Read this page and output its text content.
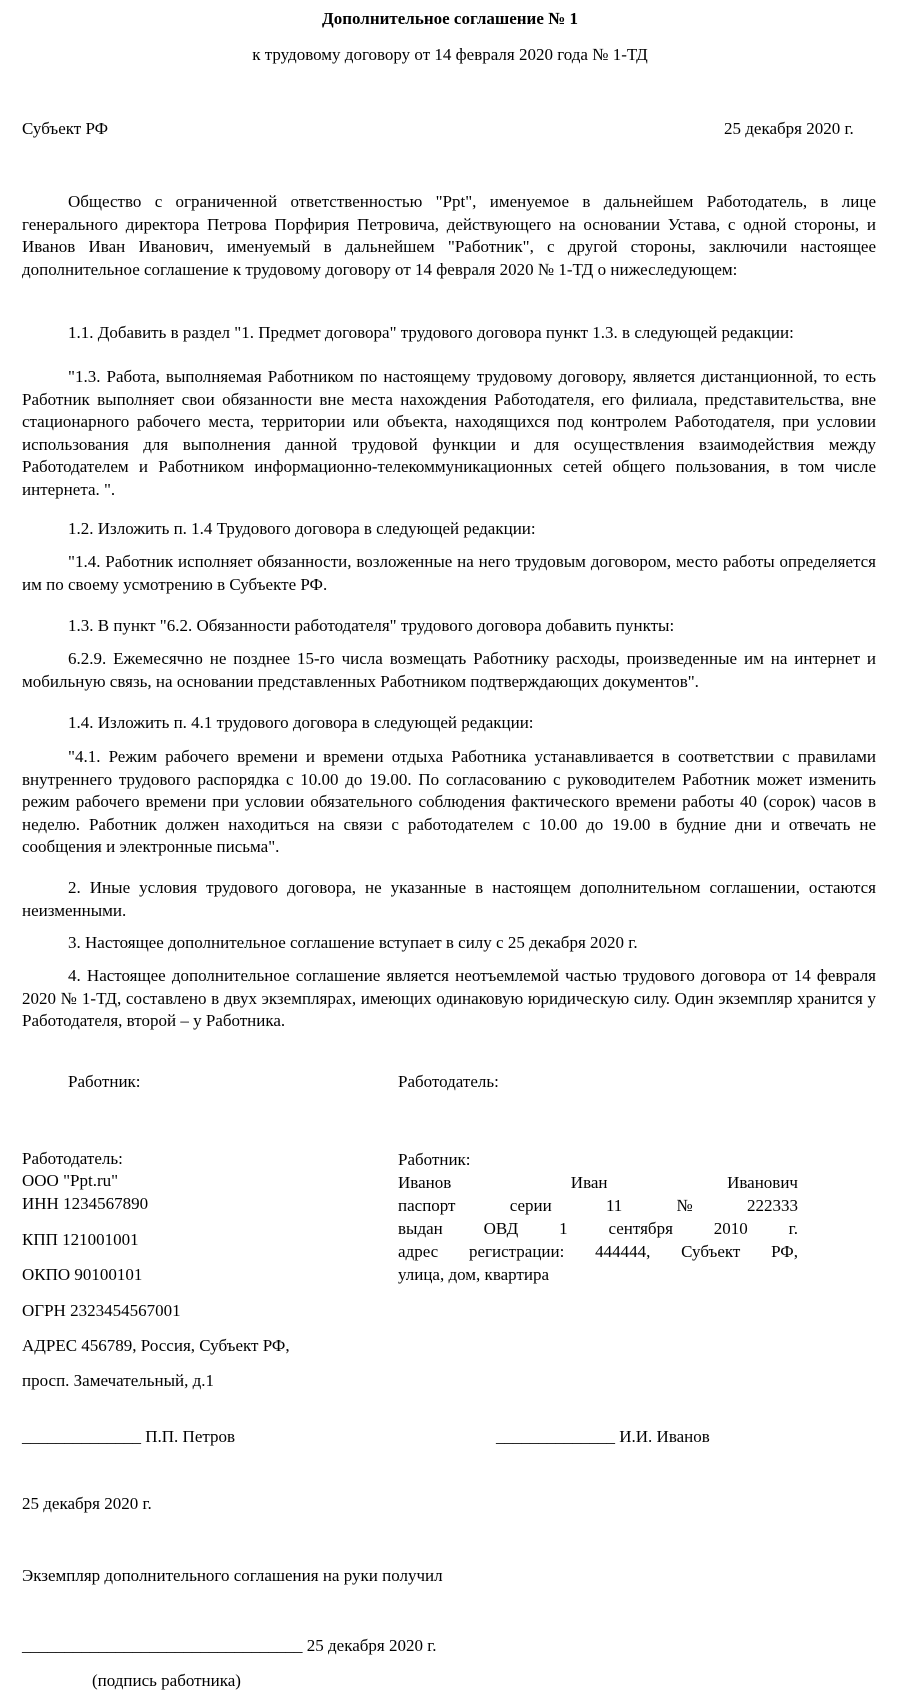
Дополнительное соглашение № 1
к трудовому договору от 14 февраля 2020 года № 1-ТД
Субъект РФ	25 декабря 2020 г.

Общество с ограниченной ответственностью "Ppt", именуемое в дальнейшем Работодатель, в лице генерального директора Петрова Порфирия Петровича, действующего на основании Устава, с одной стороны, и Иванов Иван Иванович, именуемый в дальнейшем "Работник", с другой стороны, заключили настоящее дополнительное соглашение к трудовому договору от 14 февраля 2020 № 1-ТД о нижеследующем:

1.1. Добавить в раздел "1. Предмет договора" трудового договора пункт 1.3. в следующей редакции:

"1.3. Работа, выполняемая Работником по настоящему трудовому договору, является дистанционной, то есть Работник выполняет свои обязанности вне места нахождения Работодателя, его филиала, представительства, вне стационарного рабочего места, территории или объекта, находящихся под контролем Работодателя, при условии использования для выполнения данной трудовой функции и для осуществления взаимодействия между Работодателем и Работником информационно-телекоммуникационных сетей общего пользования, в том числе интернета. ".

1.2. Изложить п. 1.4 Трудового договора в следующей редакции:

"1.4. Работник исполняет обязанности, возложенные на него трудовым договором, место работы определяется им по своему усмотрению в Субъекте РФ.

1.3. В пункт "6.2. Обязанности работодателя" трудового договора добавить пункты:

6.2.9. Ежемесячно не позднее 15-го числа возмещать Работнику расходы, произведенные им на интернет и мобильную связь, на основании представленных Работником подтверждающих документов".

1.4. Изложить п. 4.1 трудового договора в следующей редакции:

"4.1. Режим рабочего времени и времени отдыха Работника устанавливается в соответствии с правилами внутреннего трудового распорядка с 10.00 до 19.00. По согласованию с руководителем Работник может изменить режим рабочего времени при условии обязательного соблюдения фактического времени работы 40 (сорок) часов в неделю. Работник должен находиться на связи с работодателем с 10.00 до 19.00 в будние дни и отвечать не сообщения и электронные письма".

2. Иные условия трудового договора, не указанные в настоящем дополнительном соглашении, остаются неизменными.

3. Настоящее дополнительное соглашение вступает в силу с 25 декабря 2020 г.

4. Настоящее дополнительное соглашение является неотъемлемой частью трудового договора от 14 февраля 2020 № 1-ТД, составлено в двух экземплярах, имеющих одинаковую юридическую силу. Один экземпляр хранится у Работодателя, второй – у Работника.

Работник:	Работодатель:
Работодатель:
ООО "Ppt.ru"
ИНН 1234567890
КПП 121001001
ОКПО 90100101
ОГРН 2323454567001
АДРЕС 456789, Россия, Субъект РФ,
просп. Замечательный, д.1
Работник:
Иванов	Иван	Иванович
паспорт	серии	11	№	222333
выдан ОВД 1 сентября 2010 г.
адрес регистрации: 444444, Субъект РФ,
улица, дом, квартира
______________ П.П. Петров	______________ И.И. Иванов
25 декабря 2020 г.
Экземпляр дополнительного соглашения на руки получил
_________________________________ 25 декабря 2020 г.
(подпись работника)
